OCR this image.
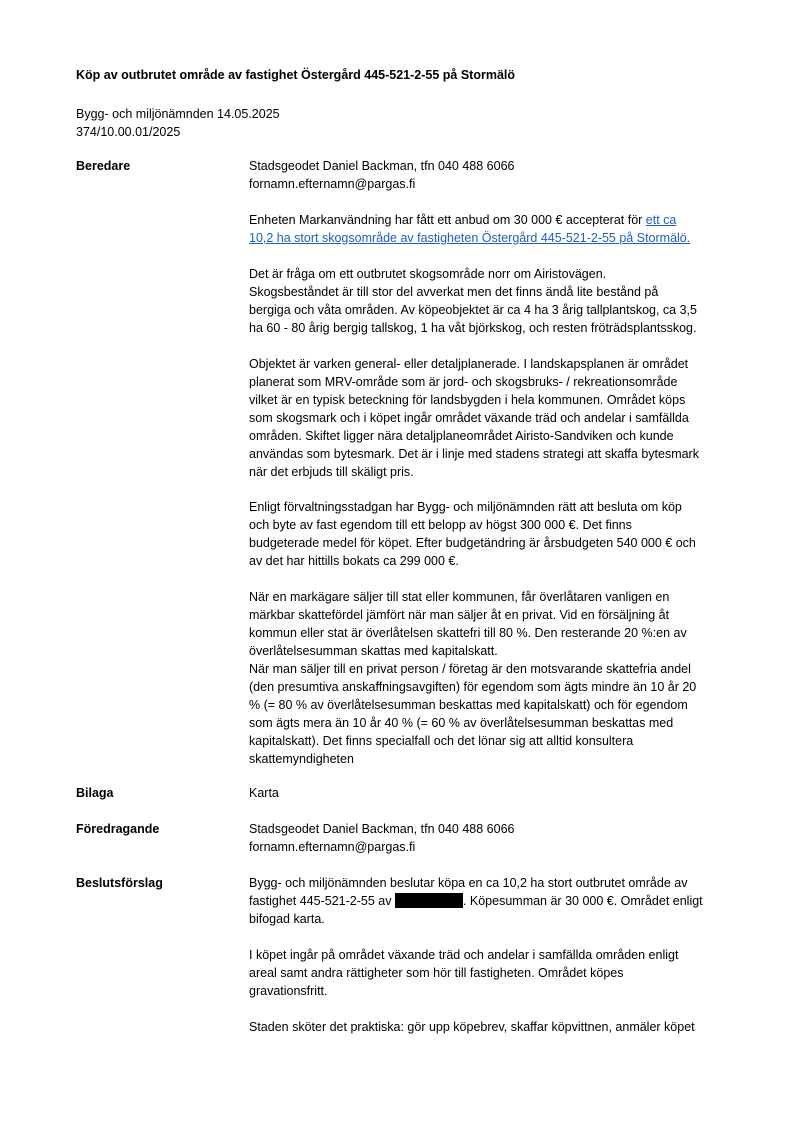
Köp av outbrutet område av fastighet Östergård 445-521-2-55 på Stormälö
Bygg- och miljönämnden 14.05.2025
374/10.00.01/2025
Beredare	Stadsgeodet Daniel Backman, tfn 040 488 6066
fornamn.efternamn@pargas.fi
Enheten Markanvändning har fått ett anbud om 30 000 € accepterat för ett ca
10,2 ha stort skogsområde av fastigheten Östergård 445-521-2-55 på Stormälö.
Det är fråga om ett outbrutet skogsområde norr om Airistovägen.
Skogsbeståndet är till stor del avverkat men det finns ändå lite bestånd på
bergiga och våta områden. Av köpeobjektet är ca 4 ha 3 årig tallplantskog, ca 3,5
ha 60 - 80 årig bergig tallskog, 1 ha våt björkskog, och resten fröträdsplantsskog.
Objektet är varken general- eller detaljplanerade. I landskapsplanen är området
planerat som MRV-område som är jord- och skogsbruks- / rekreationsområde
vilket är en typisk beteckning för landsbygden i hela kommunen. Området köps
som skogsmark och i köpet ingår området växande träd och andelar i samfällda
områden. Skiftet ligger nära detaljplaneområdet Airisto-Sandviken och kunde
användas som bytesmark. Det är i linje med stadens strategi att skaffa bytesmark
när det erbjuds till skäligt pris.
Enligt förvaltningsstadgan har Bygg- och miljönämnden rätt att besluta om köp
och byte av fast egendom till ett belopp av högst 300 000 €. Det finns
budgeterade medel för köpet. Efter budgetändring är årsbudgeten 540 000 € och
av det har hittills bokats ca 299 000 €.
När en markägare säljer till stat eller kommunen, får överlåtaren vanligen en
märkbar skattefördel jämfört när man säljer åt en privat. Vid en försäljning åt
kommun eller stat är överlåtelsen skattefri till 80 %. Den resterande 20 %:en av
överlåtelsesumman skattas med kapitalskatt.
När man säljer till en privat person / företag är den motsvarande skattefria andel
(den presumtiva anskaffningsavgiften) för egendom som ägts mindre än 10 år 20
% (= 80 % av överlåtelsesumman beskattas med kapitalskatt) och för egendom
som ägts mera än 10 år 40 % (= 60 % av överlåtelsesumman beskattas med
kapitalskatt). Det finns specialfall och det lönar sig att alltid konsultera
skattemyndigheten
Bilaga	Karta
Föredragande	Stadsgeodet Daniel Backman, tfn 040 488 6066
fornamn.efternamn@pargas.fi
Beslutsförslag	Bygg- och miljönämnden beslutar köpa en ca 10,2 ha stort outbrutet område av
fastighet 445-521-2-55 av	. Köpesumman är 30 000 €. Området enligt
bifogad karta.
I köpet ingår på området växande träd och andelar i samfällda områden enligt
areal samt andra rättigheter som hör till fastigheten. Området köpes
gravationsfritt.
Staden sköter det praktiska: gör upp köpebrev, skaffar köpvittnen, anmäler köpet
